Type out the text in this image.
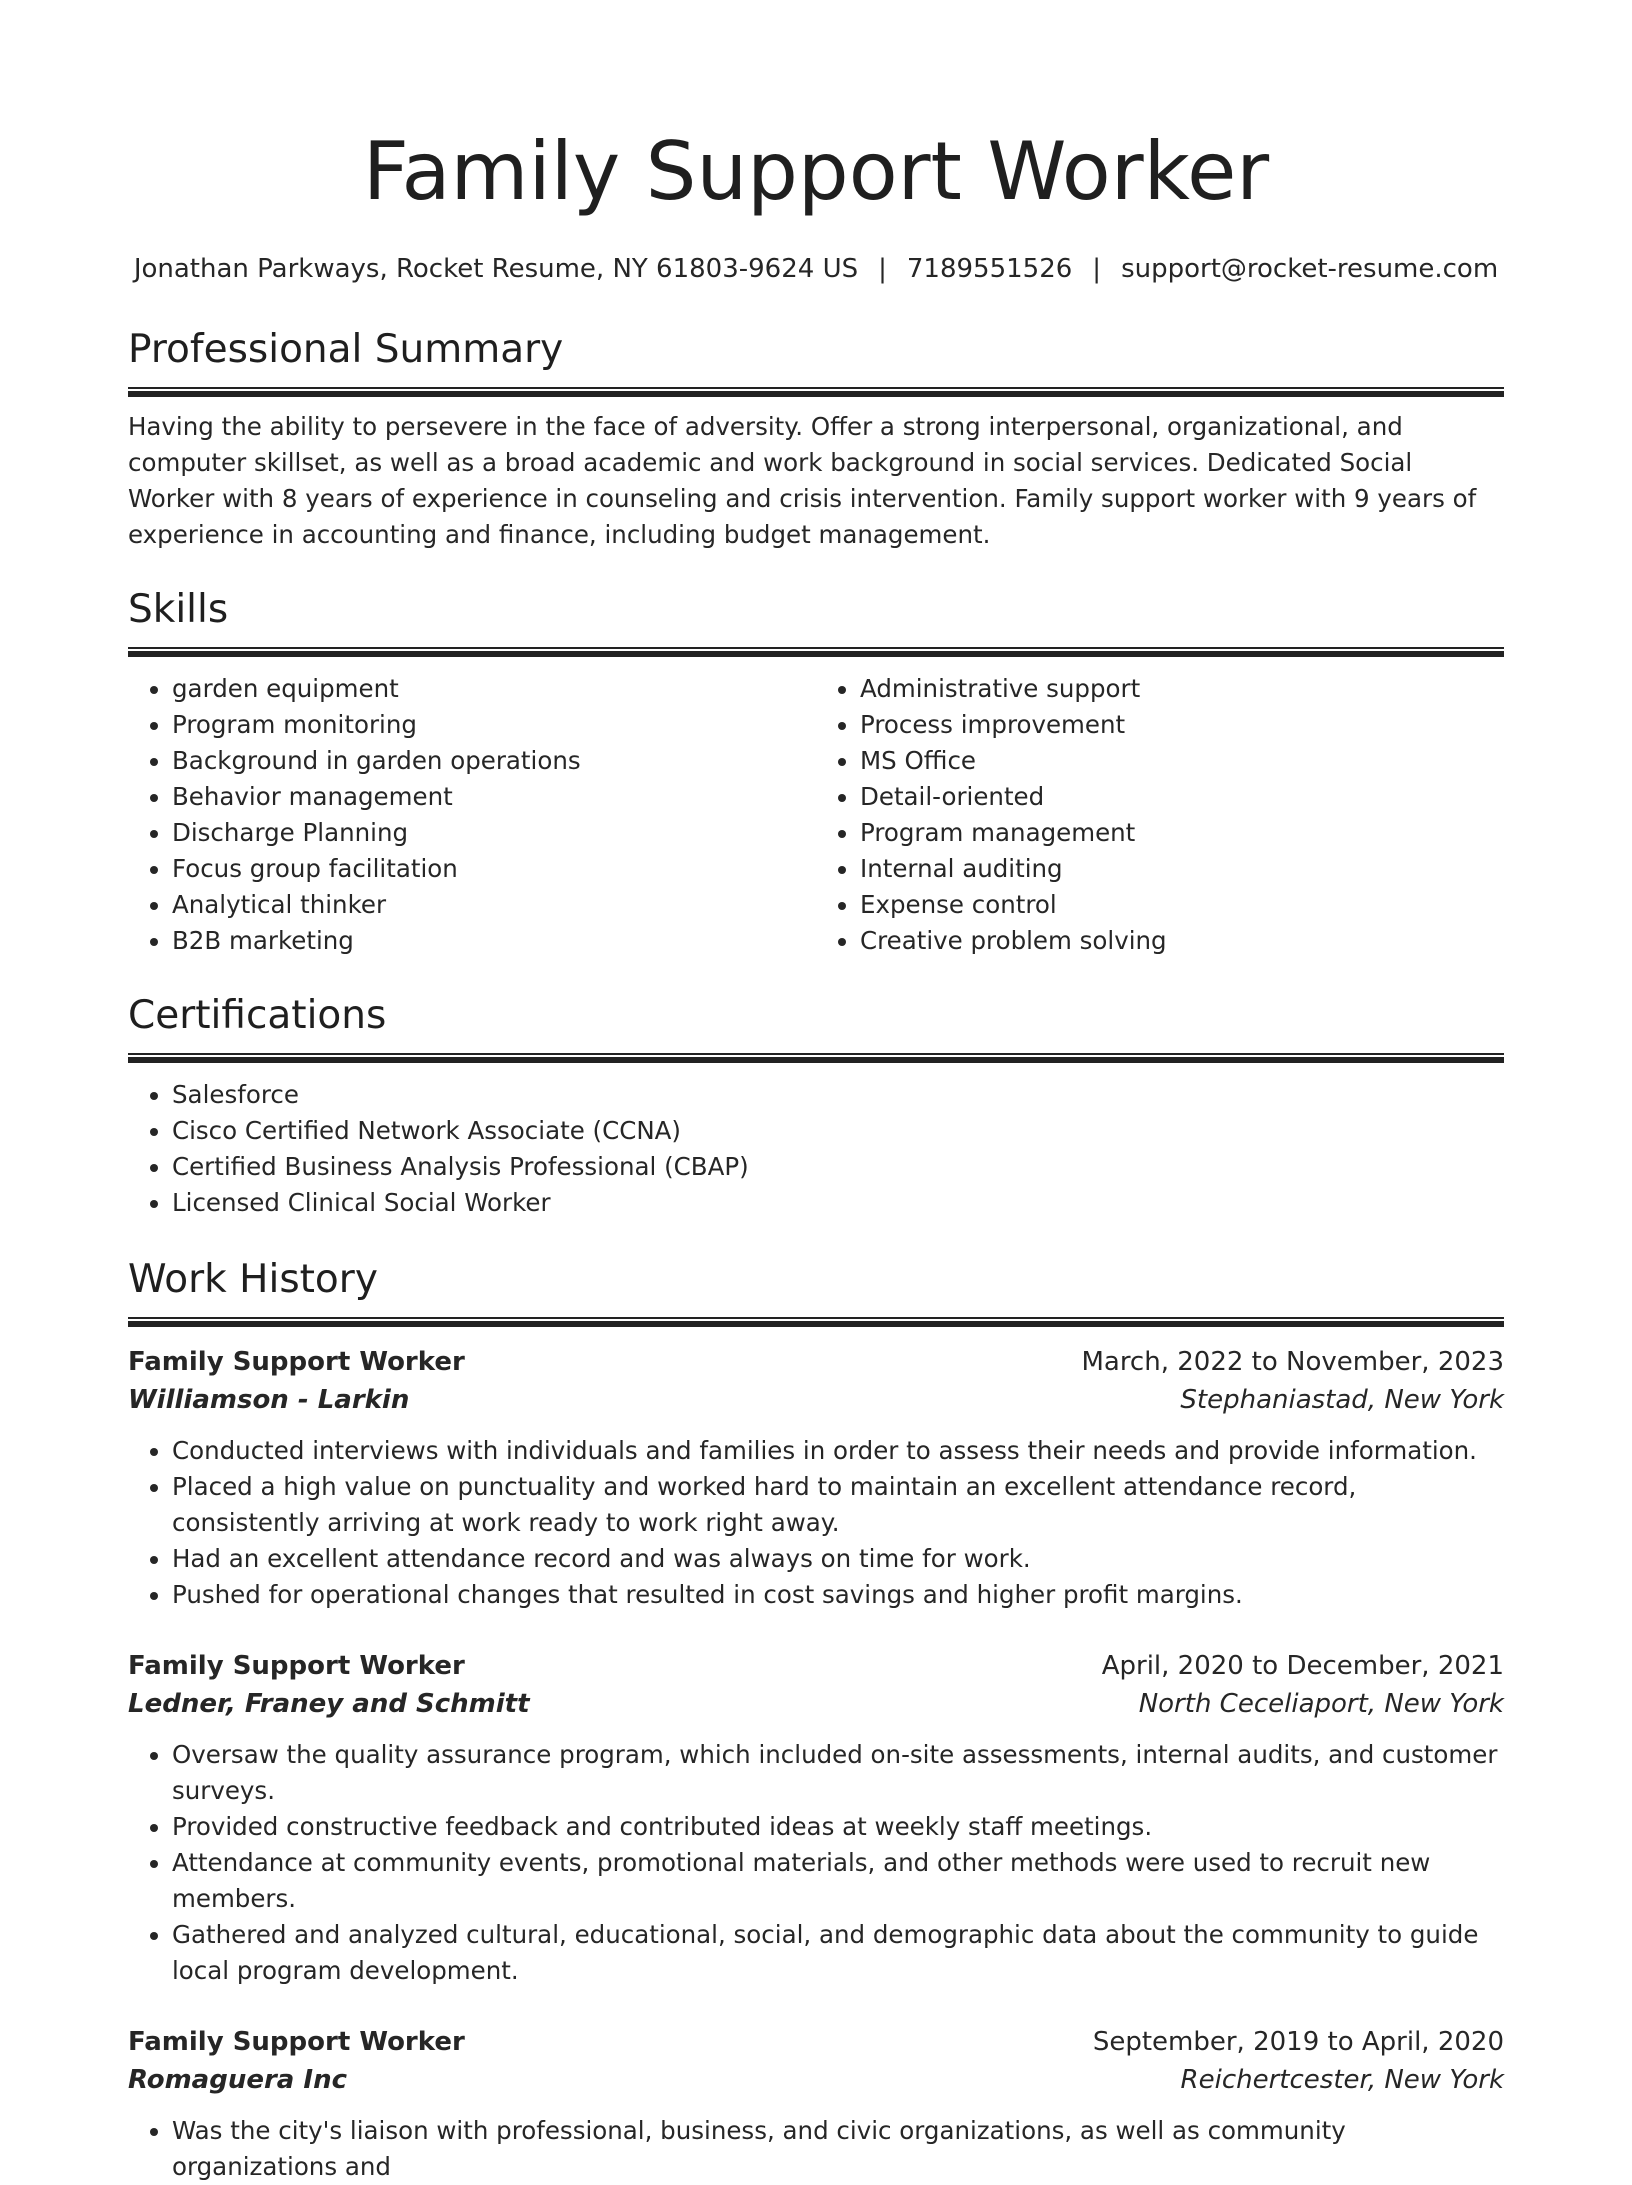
Family Support Worker
Jonathan Parkways, Rocket Resume, NY 61803-9624 US | 7189551526 | support@rocket-resume.com
Professional Summary

Having the ability to persevere in the face of adversity. Offer a strong interpersonal, organizational, and computer skillset, as well as a broad academic and work background in social services. Dedicated Social Worker with 8 years of experience in counseling and crisis intervention. Family support worker with 9 years of experience in accounting and finance, including budget management.

Skills
• garden equipment
• Program monitoring
• Background in garden operations
• Behavior management
• Discharge Planning
• Focus group facilitation
• Analytical thinker
• B2B marketing
• Administrative support
• Process improvement
• MS Office
• Detail-oriented
• Program management
• Internal auditing
• Expense control
• Creative problem solving
Certifications
• Salesforce
• Cisco Certified Network Associate (CCNA)
• Certified Business Analysis Professional (CBAP)
• Licensed Clinical Social Worker
Work History
Family Support Worker	March, 2022 to November, 2023
Williamson - Larkin	Stephaniastad, New York
• Conducted interviews with individuals and families in order to assess their needs and provide information.
• Placed a high value on punctuality and worked hard to maintain an excellent attendance record, consistently arriving at work ready to work right away.
• Had an excellent attendance record and was always on time for work.
• Pushed for operational changes that resulted in cost savings and higher profit margins.
Family Support Worker	April, 2020 to December, 2021
Ledner, Franey and Schmitt	North Ceceliaport, New York
• Oversaw the quality assurance program, which included on-site assessments, internal audits, and customer surveys.
• Provided constructive feedback and contributed ideas at weekly staff meetings.
• Attendance at community events, promotional materials, and other methods were used to recruit new members.
• Gathered and analyzed cultural, educational, social, and demographic data about the community to guide local program development.
Family Support Worker	September, 2019 to April, 2020
Romaguera Inc	Reichertcester, New York
• Was the city's liaison with professional, business, and civic organizations, as well as community organizations and
